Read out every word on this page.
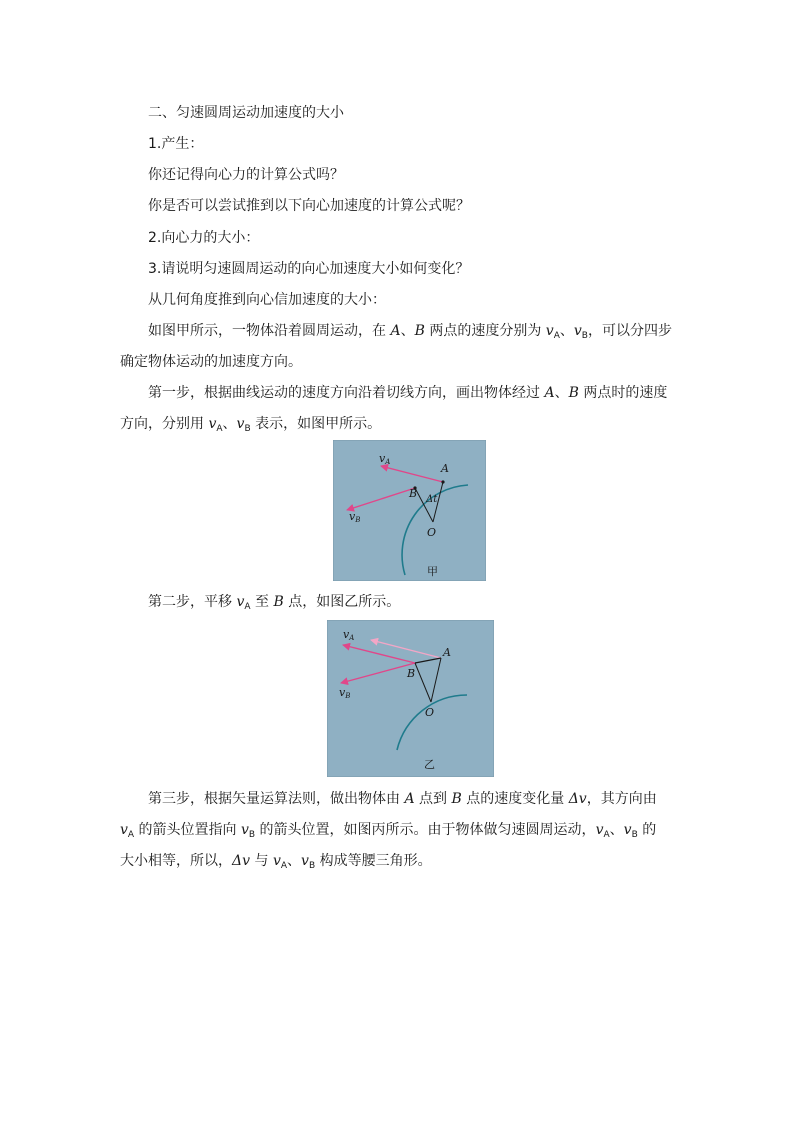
二、匀速圆周运动加速度的大小
1.产生：
你还记得向心力的计算公式吗？
你是否可以尝试推到以下向心加速度的计算公式呢？
2.向心力的大小：
3.请说明匀速圆周运动的向心加速度大小如何变化？
从几何角度推到向心信加速度的大小：
如图甲所示，一物体沿着圆周运动，在 A、B 两点的速度分别为 $v_A$、$v_B$，可以分四步
确定物体运动的加速度方向。
第一步，根据曲线运动的速度方向沿着切线方向，画出物体经过 A、B 两点时的速度
方向，分别用 $v_A$、$v_B$ 表示，如图甲所示。
vA
vB
A
B Δt
O
甲
第二步，平移 $v_A$ 至 B 点，如图乙所示。
vA
vB
A
B
O
乙
第三步，根据矢量运算法则，做出物体由 A 点到 B 点的速度变化量 Δv，其方向由
$v_A$ 的箭头位置指向 $v_B$ 的箭头位置，如图丙所示。由于物体做匀速圆周运动，$v_A$、$v_B$ 的
大小相等，所以，Δv 与 $v_A$、$v_B$ 构成等腰三角形。
